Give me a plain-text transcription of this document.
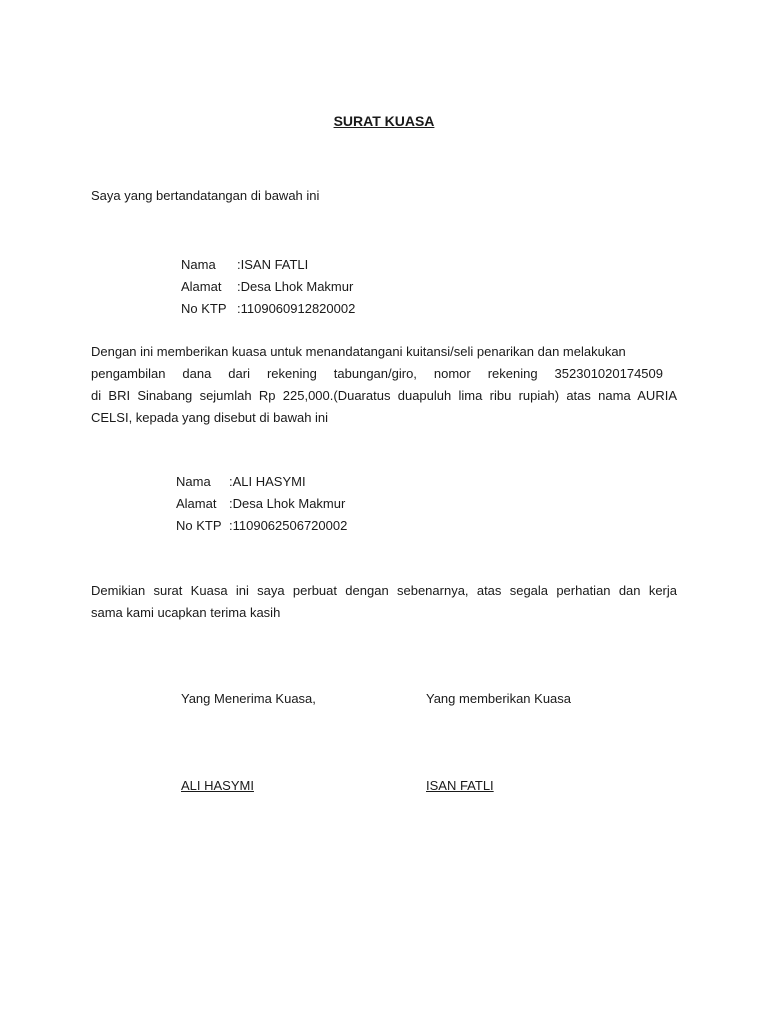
SURAT KUASA
Saya yang bertandatangan di bawah ini
Nama :ISAN FATLI
Alamat :Desa Lhok Makmur
No KTP :1109060912820002
Dengan ini memberikan kuasa untuk menandatangani kuitansi/seli penarikan dan melakukan
pengambilan dana dari rekening tabungan/giro, nomor rekening 352301020174509
di BRI Sinabang sejumlah Rp 225,000.(Duaratus duapuluh lima ribu rupiah) atas nama AURIA
CELSI, kepada yang disebut di bawah ini
Nama :ALI HASYMI
Alamat :Desa Lhok Makmur
No KTP :1109062506720002
Demikian surat Kuasa ini saya perbuat dengan sebenarnya, atas segala perhatian dan kerja
sama kami ucapkan terima kasih
Yang Menerima Kuasa,	Yang memberikan Kuasa
ALI HASYMI	ISAN FATLI
